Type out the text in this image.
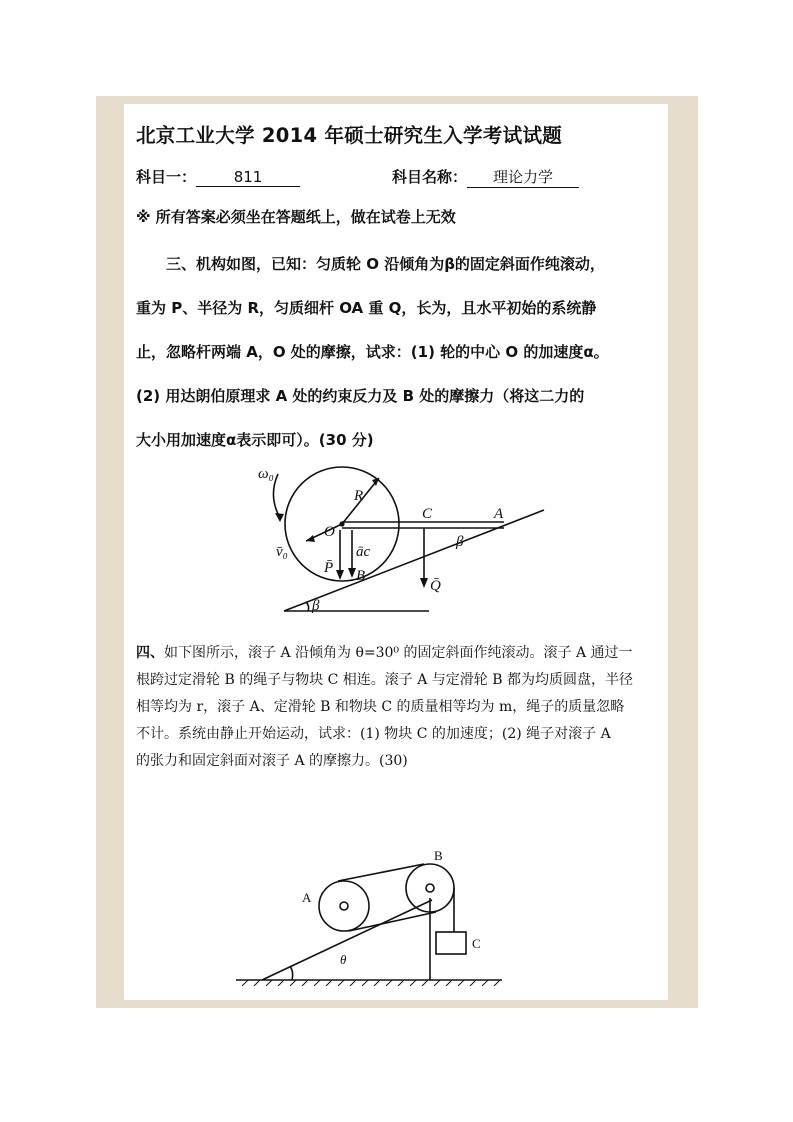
北京工业大学 2014 年硕士研究生入学考试试题
科目一：	811	科目名称： 理论力学
※ 所有答案必须坐在答题纸上，做在试卷上无效
三、机构如图，已知：匀质轮 O 沿倾角为β的固定斜面作纯滚动，
重为 P、半径为 R，匀质细杆 OA 重 Q，长为，且水平初始的系统静
止，忽略杆两端 A，O 处的摩擦，试求：(1) 轮的中心 O 的加速度α。
(2) 用达朗伯原理求 A 处的约束反力及 B 处的摩擦力（将这二力的
大小用加速度α表示即可）。(30 分)
ω₀
v̄₀
R
O
C	A
P̄ B
āc
Q̄
β
β
四、如下图所示，滚子 A 沿倾角为 θ=30⁰ 的固定斜面作纯滚动。滚子 A 通过一
根跨过定滑轮 B 的绳子与物块 C 相连。滚子 A 与定滑轮 B 都为均质圆盘，半径
相等均为 r，滚子 A、定滑轮 B 和物块 C 的质量相等均为 m，绳子的质量忽略
不计。系统由静止开始运动，试求：(1) 物块 C 的加速度；(2) 绳子对滚子 A
的张力和固定斜面对滚子 A 的摩擦力。(30)
A
B
C
θ
